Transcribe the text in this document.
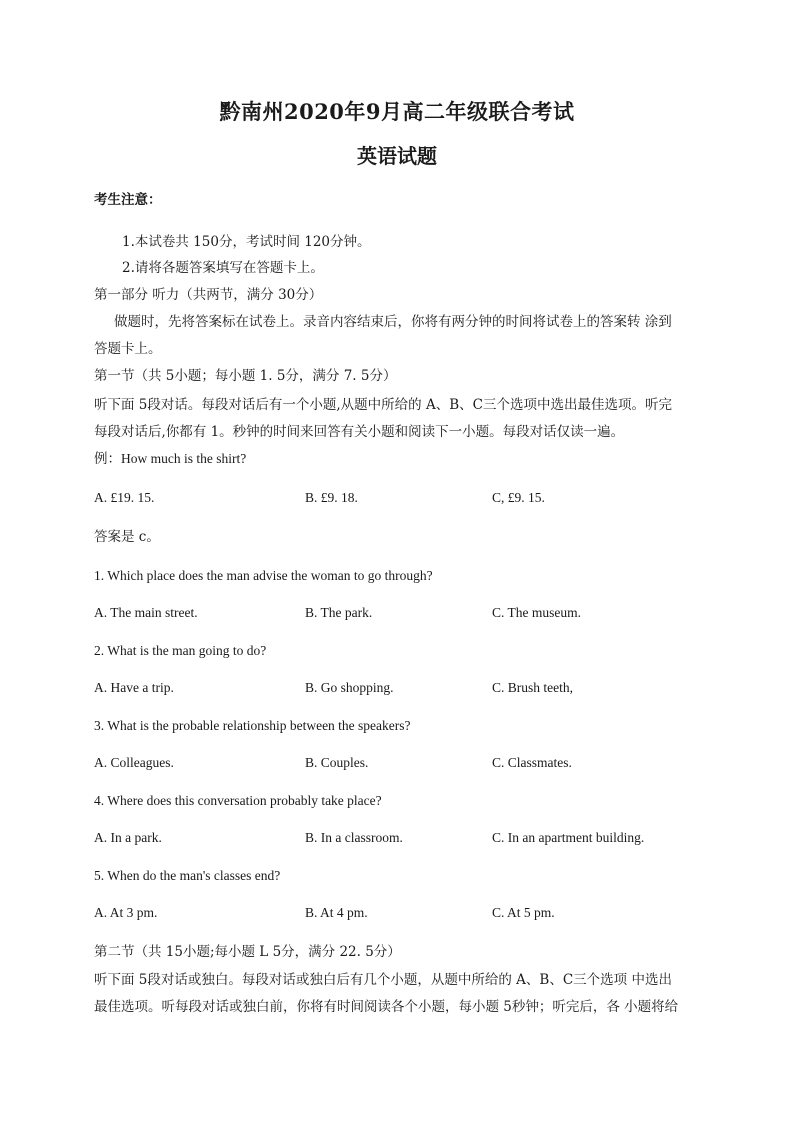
黔南州2020年9月高二年级联合考试
英语试题
考生注意：
1.本试卷共 150分，考试时间 120分钟。
2.请将各题答案填写在答题卡上。
第一部分 听力（共两节，满分 30分）
做题时，先将答案标在试卷上。录音内容结束后，你将有两分钟的时间将试卷上的答案转 涂到
答题卡上。
第一节（共 5小题；每小题 1. 5分，满分 7. 5分）
听下面 5段对话。每段对话后有一个小题,从题中所给的 A、B、C三个选项中选出最佳选项。听完
每段对话后,你都有 1。秒钟的时间来回答有关小题和阅读下一小题。每段对话仅读一遍。
例：How much is the shirt?
A. £19. 15.	B. £9. 18.	C, £9. 15.
答案是 c。
1. Which place does the man advise the woman to go through?
A. The main street.	B. The park.	C. The museum.
2. What is the man going to do?
A. Have a trip.	B. Go shopping.	C. Brush teeth,
3. What is the probable relationship between the speakers?
A. Colleagues.	B. Couples.	C. Classmates.
4. Where does this conversation probably take place?
A. In a park.	B. In a classroom.	C. In an apartment building.
5. When do the man's classes end?
A. At 3 pm.	B. At 4 pm.	C. At 5 pm.
第二节（共 15小题;每小题 L 5分，满分 22. 5分）
听下面 5段对话或独白。每段对话或独白后有几个小题，从题中所给的 A、B、C三个选项 中选出
最佳选项。听每段对话或独白前，你将有时间阅读各个小题，每小题 5秒钟；听完后，各 小题将给
